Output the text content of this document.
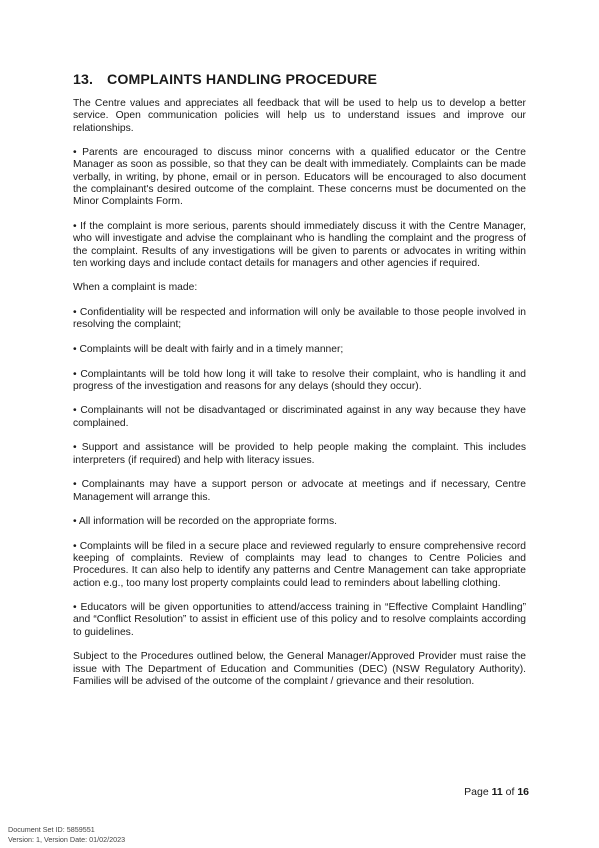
13. COMPLAINTS HANDLING PROCEDURE

The Centre values and appreciates all feedback that will be used to help us to develop a better service. Open communication policies will help us to understand issues and improve our relationships.

• Parents are encouraged to discuss minor concerns with a qualified educator or the Centre Manager as soon as possible, so that they can be dealt with immediately. Complaints can be made verbally, in writing, by phone, email or in person. Educators will be encouraged to also document the complainant's desired outcome of the complaint. These concerns must be documented on the Minor Complaints Form.

• If the complaint is more serious, parents should immediately discuss it with the Centre Manager, who will investigate and advise the complainant who is handling the complaint and the progress of the complaint. Results of any investigations will be given to parents or advocates in writing within ten working days and include contact details for managers and other agencies if required.

When a complaint is made:

• Confidentiality will be respected and information will only be available to those people involved in resolving the complaint;

• Complaints will be dealt with fairly and in a timely manner;

• Complaintants will be told how long it will take to resolve their complaint, who is handling it and progress of the investigation and reasons for any delays (should they occur).

• Complainants will not be disadvantaged or discriminated against in any way because they have complained.

• Support and assistance will be provided to help people making the complaint. This includes interpreters (if required) and help with literacy issues.

• Complainants may have a support person or advocate at meetings and if necessary, Centre Management will arrange this.

• All information will be recorded on the appropriate forms.

• Complaints will be filed in a secure place and reviewed regularly to ensure comprehensive record keeping of complaints. Review of complaints may lead to changes to Centre Policies and Procedures. It can also help to identify any patterns and Centre Management can take appropriate action e.g., too many lost property complaints could lead to reminders about labelling clothing.

• Educators will be given opportunities to attend/access training in “Effective Complaint Handling” and “Conflict Resolution” to assist in efficient use of this policy and to resolve complaints according to guidelines.

Subject to the Procedures outlined below, the General Manager/Approved Provider must raise the issue with The Department of Education and Communities (DEC) (NSW Regulatory Authority). Families will be advised of the outcome of the complaint / grievance and their resolution.

Page 11 of 16
Document Set ID: 5859551
Version: 1, Version Date: 01/02/2023
